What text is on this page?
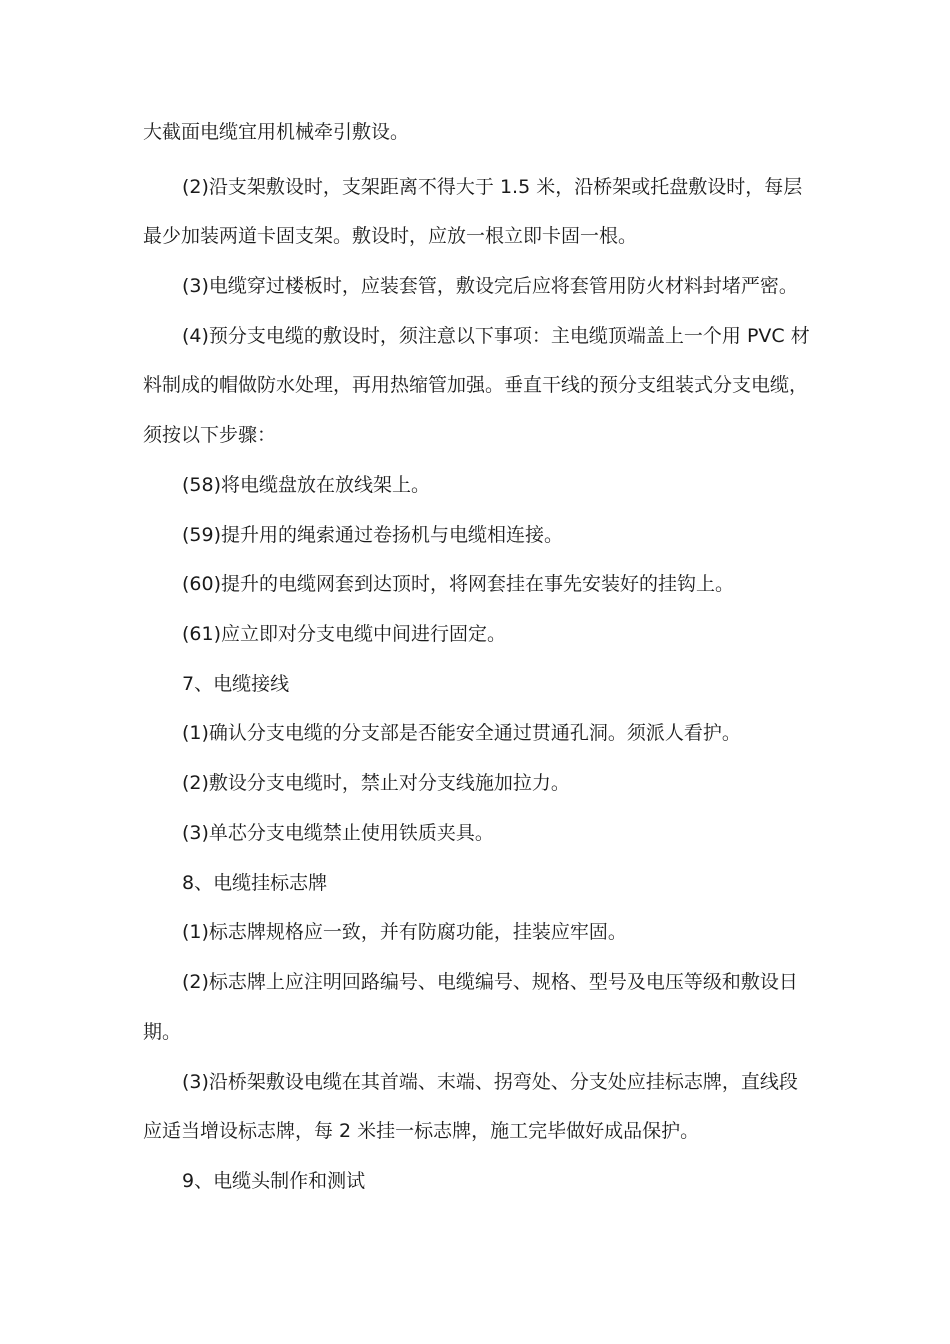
大截面电缆宜用机械牵引敷设。
(2)沿支架敷设时，支架距离不得大于 1.5 米，沿桥架或托盘敷设时，每层
最少加装两道卡固支架。敷设时，应放一根立即卡固一根。
(3)电缆穿过楼板时，应装套管，敷设完后应将套管用防火材料封堵严密。
(4)预分支电缆的敷设时，须注意以下事项：主电缆顶端盖上一个用 PVC 材
料制成的帽做防水处理，再用热缩管加强。垂直干线的预分支组装式分支电缆，
须按以下步骤：
(58)将电缆盘放在放线架上。
(59)提升用的绳索通过卷扬机与电缆相连接。
(60)提升的电缆网套到达顶时，将网套挂在事先安装好的挂钩上。
(61)应立即对分支电缆中间进行固定。
7、电缆接线
(1)确认分支电缆的分支部是否能安全通过贯通孔洞。须派人看护。
(2)敷设分支电缆时，禁止对分支线施加拉力。
(3)单芯分支电缆禁止使用铁质夹具。
8、电缆挂标志牌
(1)标志牌规格应一致，并有防腐功能，挂装应牢固。
(2)标志牌上应注明回路编号、电缆编号、规格、型号及电压等级和敷设日
期。
(3)沿桥架敷设电缆在其首端、末端、拐弯处、分支处应挂标志牌，直线段
应适当增设标志牌，每 2 米挂一标志牌，施工完毕做好成品保护。
9、电缆头制作和测试
